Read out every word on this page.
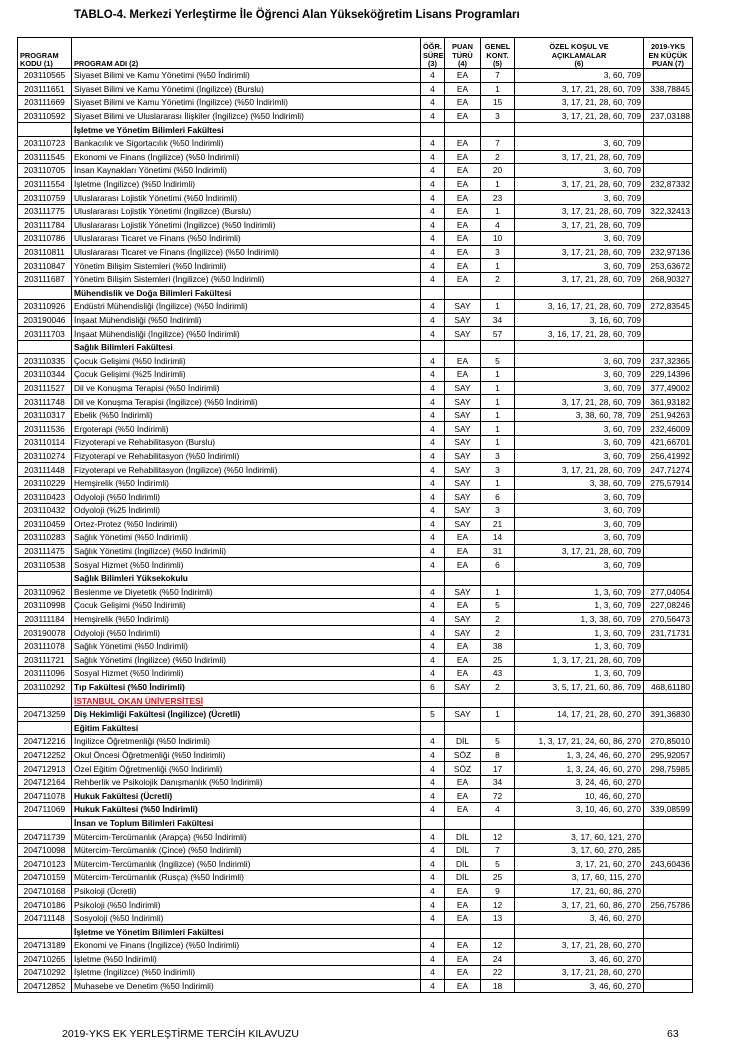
TABLO-4. Merkezi Yerleştirme İle Öğrenci Alan Yükseköğretim Lisans Programları
PROGRAM
KODU (1)	PROGRAM ADI (2)	ÖĞR.
SÜRE
(3)	PUAN
TÜRÜ
(4)	GENEL
KONT.
(5)	ÖZEL KOŞUL VE
AÇIKLAMALAR
(6)	2019-YKS
EN KÜÇÜK
PUAN (7)
203110565	Siyaset Bilimi ve Kamu Yönetimi (%50 İndirimli)	4	EA	7	3, 60, 709	
203111651	Siyaset Bilimi ve Kamu Yönetimi (İngilizce) (Burslu)	4	EA	1	3, 17, 21, 28, 60, 709	338,78845
203111669	Siyaset Bilimi ve Kamu Yönetimi (İngilizce) (%50 İndirimli)	4	EA	15	3, 17, 21, 28, 60, 709	
203110592	Siyaset Bilimi ve Uluslararası İlişkiler (İngilizce) (%50 İndirimli)	4	EA	3	3, 17, 21, 28, 60, 709	237,03188
	İşletme ve Yönetim Bilimleri Fakültesi					
203110723	Bankacılık ve Sigortacılık (%50 İndirimli)	4	EA	7	3, 60, 709	
203111545	Ekonomi ve Finans (İngilizce) (%50 İndirimli)	4	EA	2	3, 17, 21, 28, 60, 709	
203110705	İnsan Kaynakları Yönetimi (%50 İndirimli)	4	EA	20	3, 60, 709	
203111554	İşletme (İngilizce) (%50 İndirimli)	4	EA	1	3, 17, 21, 28, 60, 709	232,87332
203110759	Uluslararası Lojistik Yönetimi (%50 İndirimli)	4	EA	23	3, 60, 709	
203111775	Uluslararası Lojistik Yönetimi (İngilizce) (Burslu)	4	EA	1	3, 17, 21, 28, 60, 709	322,32413
203111784	Uluslararası Lojistik Yönetimi (İngilizce) (%50 İndirimli)	4	EA	4	3, 17, 21, 28, 60, 709	
203110786	Uluslararası Ticaret ve Finans (%50 İndirimli)	4	EA	10	3, 60, 709	
203110811	Uluslararası Ticaret ve Finans (İngilizce) (%50 İndirimli)	4	EA	3	3, 17, 21, 28, 60, 709	232,97136
203110847	Yönetim Bilişim Sistemleri (%50 İndirimli)	4	EA	1	3, 60, 709	253,63672
203111687	Yönetim Bilişim Sistemleri (İngilizce) (%50 İndirimli)	4	EA	2	3, 17, 21, 28, 60, 709	268,90327
	Mühendislik ve Doğa Bilimleri Fakültesi					
203110926	Endüstri Mühendisliği (İngilizce) (%50 İndirimli)	4	SAY	1	3, 16, 17, 21, 28, 60, 709	272,83545
203190046	İnşaat Mühendisliği (%50 İndirimli)	4	SAY	34	3, 16, 60, 709	
203111703	İnşaat Mühendisliği (İngilizce) (%50 İndirimli)	4	SAY	57	3, 16, 17, 21, 28, 60, 709	
	Sağlık Bilimleri Fakültesi					
203110335	Çocuk Gelişimi (%50 İndirimli)	4	EA	5	3, 60, 709	237,32365
203110344	Çocuk Gelişimi (%25 İndirimli)	4	EA	1	3, 60, 709	229,14396
203111527	Dil ve Konuşma Terapisi (%50 İndirimli)	4	SAY	1	3, 60, 709	377,49002
203111748	Dil ve Konuşma Terapisi (İngilizce) (%50 İndirimli)	4	SAY	1	3, 17, 21, 28, 60, 709	361,93182
203110317	Ebelik (%50 İndirimli)	4	SAY	1	3, 38, 60, 78, 709	251,94263
203111536	Ergoterapi (%50 İndirimli)	4	SAY	1	3, 60, 709	232,46009
203110114	Fizyoterapi ve Rehabilitasyon (Burslu)	4	SAY	1	3, 60, 709	421,66701
203110274	Fizyoterapi ve Rehabilitasyon (%50 İndirimli)	4	SAY	3	3, 60, 709	256,41992
203111448	Fizyoterapi ve Rehabilitasyon (İngilizce) (%50 İndirimli)	4	SAY	3	3, 17, 21, 28, 60, 709	247,71274
203110229	Hemşirelik (%50 İndirimli)	4	SAY	1	3, 38, 60, 709	275,57914
203110423	Odyoloji (%50 İndirimli)	4	SAY	6	3, 60, 709	
203110432	Odyoloji (%25 İndirimli)	4	SAY	3	3, 60, 709	
203110459	Ortez-Protez (%50 İndirimli)	4	SAY	21	3, 60, 709	
203110283	Sağlık Yönetimi (%50 İndirimli)	4	EA	14	3, 60, 709	
203111475	Sağlık Yönetimi (İngilizce) (%50 İndirimli)	4	EA	31	3, 17, 21, 28, 60, 709	
203110538	Sosyal Hizmet (%50 İndirimli)	4	EA	6	3, 60, 709	
	Sağlık Bilimleri Yüksekokulu					
203110962	Beslenme ve Diyetetik (%50 İndirimli)	4	SAY	1	1, 3, 60, 709	277,04054
203110998	Çocuk Gelişimi (%50 İndirimli)	4	EA	5	1, 3, 60, 709	227,08246
203111184	Hemşirelik (%50 İndirimli)	4	SAY	2	1, 3, 38, 60, 709	270,56473
203190078	Odyoloji (%50 İndirimli)	4	SAY	2	1, 3, 60, 709	231,71731
203111078	Sağlık Yönetimi (%50 İndirimli)	4	EA	38	1, 3, 60, 709	
203111721	Sağlık Yönetimi (İngilizce) (%50 İndirimli)	4	EA	25	1, 3, 17, 21, 28, 60, 709	
203111096	Sosyal Hizmet (%50 İndirimli)	4	EA	43	1, 3, 60, 709	
203110292	Tıp Fakültesi (%50 İndirimli)	6	SAY	2	3, 5, 17, 21, 60, 86, 709	468,61180
	İSTANBUL OKAN ÜNİVERSİTESİ					
204713259	Diş Hekimliği Fakültesi (İngilizce) (Ücretli)	5	SAY	1	14, 17, 21, 28, 60, 270	391,36830
	Eğitim Fakültesi					
204712216	İngilizce Öğretmenliği (%50 İndirimli)	4	DİL	5	1, 3, 17, 21, 24, 60, 86, 270	270,85010
204712252	Okul Öncesi Öğretmenliği (%50 İndirimli)	4	SÖZ	8	1, 3, 24, 46, 60, 270	295,92057
204712913	Özel Eğitim Öğretmenliği (%50 İndirimli)	4	SÖZ	17	1, 3, 24, 46, 60, 270	298,75985
204712164	Rehberlik ve Psikolojik Danışmanlık (%50 İndirimli)	4	EA	34	3, 24, 46, 60, 270	
204711078	Hukuk Fakültesi (Ücretli)	4	EA	72	10, 46, 60, 270	
204711069	Hukuk Fakültesi (%50 İndirimli)	4	EA	4	3, 10, 46, 60, 270	339,08599
	İnsan ve Toplum Bilimleri Fakültesi					
204711739	Mütercim-Tercümanlık (Arapça) (%50 İndirimli)	4	DİL	12	3, 17, 60, 121, 270	
204710098	Mütercim-Tercümanlık (Çince) (%50 İndirimli)	4	DİL	7	3, 17, 60, 270, 285	
204710123	Mütercim-Tercümanlık (İngilizce) (%50 İndirimli)	4	DİL	5	3, 17, 21, 60, 270	243,60436
204710159	Mütercim-Tercümanlık (Rusça) (%50 İndirimli)	4	DİL	25	3, 17, 60, 115, 270	
204710168	Psikoloji (Ücretli)	4	EA	9	17, 21, 60, 86, 270	
204710186	Psikoloji (%50 İndirimli)	4	EA	12	3, 17, 21, 60, 86, 270	256,75786
204711148	Sosyoloji (%50 İndirimli)	4	EA	13	3, 46, 60, 270	
	İşletme ve Yönetim Bilimleri Fakültesi					
204713189	Ekonomi ve Finans (İngilizce) (%50 İndirimli)	4	EA	12	3, 17, 21, 28, 60, 270	
204710265	İşletme (%50 İndirimli)	4	EA	24	3, 46, 60, 270	
204710292	İşletme (İngilizce) (%50 İndirimli)	4	EA	22	3, 17, 21, 28, 60, 270	
204712852	Muhasebe ve Denetim (%50 İndirimli)	4	EA	18	3, 46, 60, 270	
2019-YKS EK YERLEŞTİRME TERCİH KILAVUZU	63
